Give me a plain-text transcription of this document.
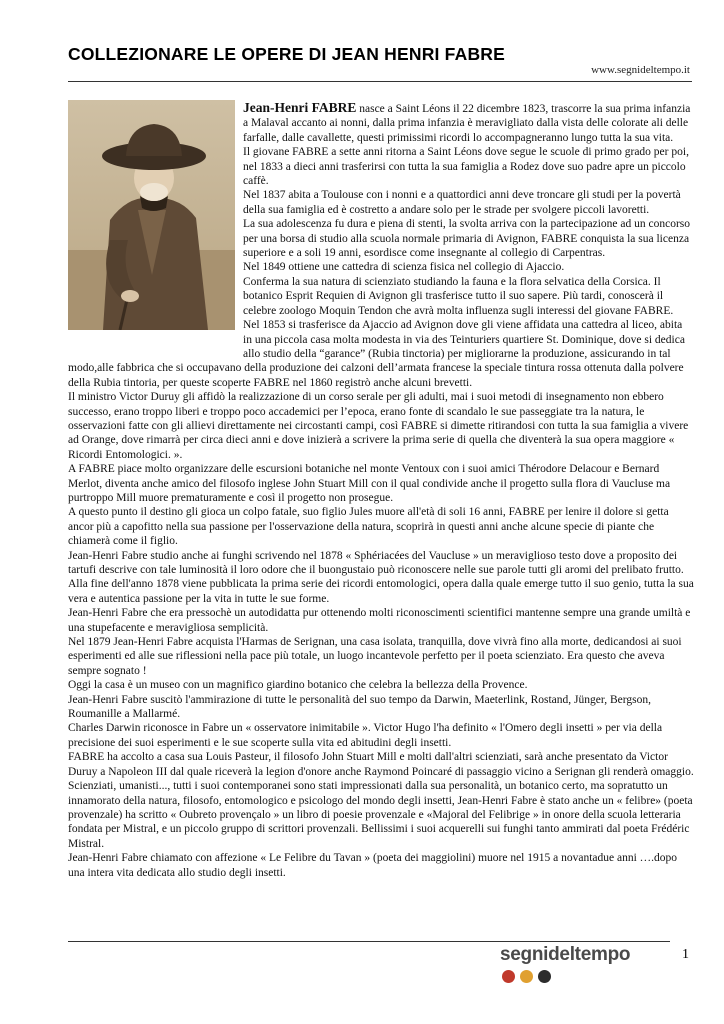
COLLEZIONARE LE OPERE DI JEAN HENRI FABRE
www.segnideltempo.it

Jean-Henri FABRE nasce a Saint Léons il 22 dicembre 1823, trascorre la sua prima infanzia a Malaval accanto ai nonni, dalla prima infanzia è meravigliato dalla vista delle colorate ali delle farfalle, dalle cavallette, questi primissimi ricordi lo accompagneranno lungo tutta la sua vita.

Il giovane FABRE a sette anni ritorna a Saint Léons dove segue le scuole di primo grado per poi, nel 1833 a dieci anni trasferirsi con tutta la sua famiglia a Rodez dove suo padre apre un piccolo caffè.

Nel 1837 abita a Toulouse con i nonni e a quattordici anni deve troncare gli studi per la povertà della sua famiglia ed è costretto a andare solo per le strade per svolgere piccoli lavoretti.

La sua adolescenza fu dura e piena di stenti, la svolta arriva con la partecipazione ad un concorso per una borsa di studio alla scuola normale primaria di Avignon, FABRE conquista la sua licenza superiore e a soli 19 anni, esordisce come insegnante al collegio di Carpentras.

Nel 1849 ottiene une cattedra di scienza fisica nel collegio di Ajaccio.

Conferma la sua natura di scienziato studiando la fauna e la flora selvatica della Corsica. Il botanico Esprit Requien di Avignon gli trasferisce tutto il suo sapere. Più tardi, conoscerà il celebre zoologo Moquin Tendon che avrà molta influenza sugli interessi del giovane FABRE.

Nel 1853 si trasferisce da Ajaccio ad Avignon dove gli viene affidata una cattedra al liceo, abita in una piccola casa molta modesta in via des Teinturiers quartiere St. Dominique, dove si dedica allo studio della “garance” (Rubia tinctoria) per migliorarne la produzione, assicurando in tal modo,alle fabbrica che si occupavano della produzione dei calzoni dell’armata francese la speciale tintura rossa ottenuta dalla polvere della Rubia tintoria, per queste scoperte FABRE nel 1860 registrò anche alcuni brevetti.

Il ministro Victor Duruy gli affidò la realizzazione di un corso serale per gli adulti, mai i suoi metodi di insegnamento non ebbero successo, erano troppo liberi e troppo poco accademici per l’epoca, erano fonte di scandalo le sue passeggiate tra la natura, le osservazioni fatte con gli allievi direttamente nei circostanti campi, così FABRE si dimette ritirandosi con tutta la sua famiglia a vivere ad Orange, dove rimarrà per circa dieci anni e dove inizierà a scrivere la prima serie di quella che diventerà la sua opera maggiore « Ricordi Entomologici. ».

A FABRE piace molto organizzare delle escursioni botaniche nel monte Ventoux con i suoi amici Thérodore Delacour e Bernard Merlot, diventa anche amico del filosofo inglese John Stuart Mill con il qual condivide anche il progetto sulla flora di Vaucluse ma purtroppo Mill muore prematuramente e così il progetto non prosegue.

A questo punto il destino gli gioca un colpo fatale, suo figlio Jules muore all'età di soli 16 anni, FABRE per lenire il dolore si getta ancor più a capofitto nella sua passione per l'osservazione della natura, scoprirà in questi anni anche alcune specie di piante che chiamerà come il figlio.

Jean-Henri Fabre studio anche ai funghi scrivendo nel 1878 « Sphériacées del Vaucluse » un meraviglioso testo dove a proposito dei tartufi descrive con tale luminosità il loro odore che il buongustaio può riconoscere nelle sue parole tutti gli aromi del prelibato frutto.

Alla fine dell'anno 1878 viene pubblicata la prima serie dei ricordi entomologici, opera dalla quale emerge tutto il suo genio, tutta la sua vera e autentica passione per la vita in tutte le sue forme.

Jean-Henri Fabre che era pressochè un autodidatta pur ottenendo molti riconoscimenti scientifici mantenne sempre una grande umiltà e una stupefacente e meravigliosa semplicità.

Nel 1879 Jean-Henri Fabre acquista l'Harmas de Serignan, una casa isolata, tranquilla, dove vivrà fino alla morte, dedicandosi ai suoi esperimenti ed alle sue riflessioni nella pace più totale, un luogo incantevole perfetto per il poeta scienziato. Era questo che aveva sempre sognato !

Oggi la casa è un museo con un magnifico giardino botanico che celebra la bellezza della Provence.

Jean-Henri Fabre suscitò l'ammirazione di tutte le personalità del suo tempo da Darwin, Maeterlink, Rostand, Jünger, Bergson, Roumanille a Mallarmé.

Charles Darwin riconosce in Fabre un « osservatore inimitabile ». Victor Hugo l'ha definito « l'Omero degli insetti » per via della precisione dei suoi esperimenti e le sue scoperte sulla vita ed abitudini degli insetti.

FABRE ha accolto a casa sua Louis Pasteur, il filosofo John Stuart Mill e molti dall'altri scienziati, sarà anche presentato da Victor Duruy a Napoleon III dal quale riceverà la legion d'onore anche Raymond Poincaré di passaggio vicino a Serignan gli renderà omaggio.

Scienziati, umanisti..., tutti i suoi contemporanei sono stati impressionati dalla sua personalità, un botanico certo, ma sopratutto un innamorato della natura, filosofo, entomologico e psicologo del mondo degli insetti, Jean-Henri Fabre è stato anche un « felibre» (poeta provenzale) ha scritto « Oubreto provençalo » un libro di poesie provenzale e «Majoral del Felibrige » in onore della scuola letteraria fondata per Mistral, e un piccolo gruppo di scrittori provenzali. Bellissimi i suoi acquerelli sui funghi tanto ammirati dal poeta Frédéric Mistral.

Jean-Henri Fabre chiamato con affezione « Le Felibre du Tavan » (poeta dei maggiolini) muore nel 1915 a novantadue anni ….dopo una intera vita dedicata allo studio degli insetti.

segnideltempo	1
